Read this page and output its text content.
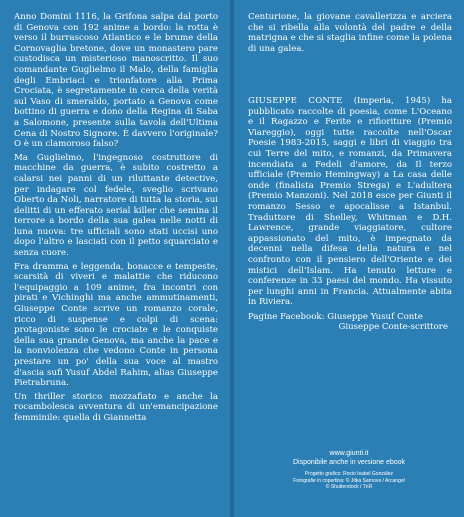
Anno Domini 1116, la Grifona salpa dal porto di Genova con 192 anime a bordo: la rotta è verso il burrascoso Atlantico e le brume della Cornovaglia bretone, dove un monastero pare custodisca un misterioso manoscritto. Il suo comandante Guglielmo il Malo, della famiglia degli Embriaci e trionfatore alla Prima Crociata, è segretamente in cerca della verità sul Vaso di smeraldo, portato a Genova come bottino di guerra e dono della Regina di Saba a Salomone, presente sulla tavola dell'Ultima Cena di Nostro Signore. È davvero l'originale? O è un clamoroso falso?

Ma Guglielmo, l'ingegnoso costruttore di macchine da guerra, è subito costretto a calarsi nei panni di un riluttante detective, per indagare col fedele, sveglio scrivano Oberto da Noli, narratore di tutta la storia, sui delitti di un efferato serial killer che semina il terrore a bordo della sua galea nelle notti di luna nuova: tre ufficiali sono stati uccisi uno dopo l'altro e lasciati con il petto squarciato e senza cuore.

Fra dramma e leggenda, bonacce e tempeste, scarsità di viveri e malattie che riducono l'equipaggio a 109 anime, fra incontri con pirati e Vichinghi ma anche ammutinamenti, Giuseppe Conte scrive un romanzo corale, ricco di suspense e colpi di scena: protagoniste sono le crociate e le conquiste della sua grande Genova, ma anche la pace e la nonviolenza che vedono Conte in persona prestare un po' della sua voce al mastro d'ascia sufi Yusuf Abdel Rahim, alias Giuseppe Pietrabruna.

Un thriller storico mozzafiato e anche la rocambolesca avventura di un'emancipazione femminile: quella di Giannetta

Centurione, la giovane cavallerizza e arciera che si ribella alla volontà del padre e della matrigna e che si staglia infine come la polena di una galea.

GIUSEPPE CONTE (Imperia, 1945) ha pubblicato raccolte di poesia, come L'Oceano e il Ragazzo e Ferite e rifioriture (Premio Viareggio), oggi tutte raccolte nell'Oscar Poesie 1983-2015, saggi e libri di viaggio tra cui Terre del mito, e romanzi, da Primavera incendiata a Fedeli d'amore, da Il terzo ufficiale (Premio Hemingway) a La casa delle onde (finalista Premio Strega) e L'adultera (Premio Manzoni). Nel 2018 esce per Giunti il romanzo Sesso e apocalisse a Istanbul. Traduttore di Shelley, Whitman e D.H. Lawrence, grande viaggiatore, cultore appassionato del mito, è impegnato da decenni nella difesa della natura e nel confronto con il pensiero dell'Oriente e dei mistici dell'Islam. Ha tenuto letture e conferenze in 33 paesi del mondo. Ha vissuto per lunghi anni in Francia. Attualmente abita in Riviera.
Pagine Facebook: Giuseppe Yusuf Conte
Giuseppe Conte-scrittore
www.giunti.it
Disponibile anche in versione ebook
Progetto grafico: Rocio Isabel González
Fotografie in copertina: © Jitka Sarnova / Arcangel
© Shutterstock / TnR
